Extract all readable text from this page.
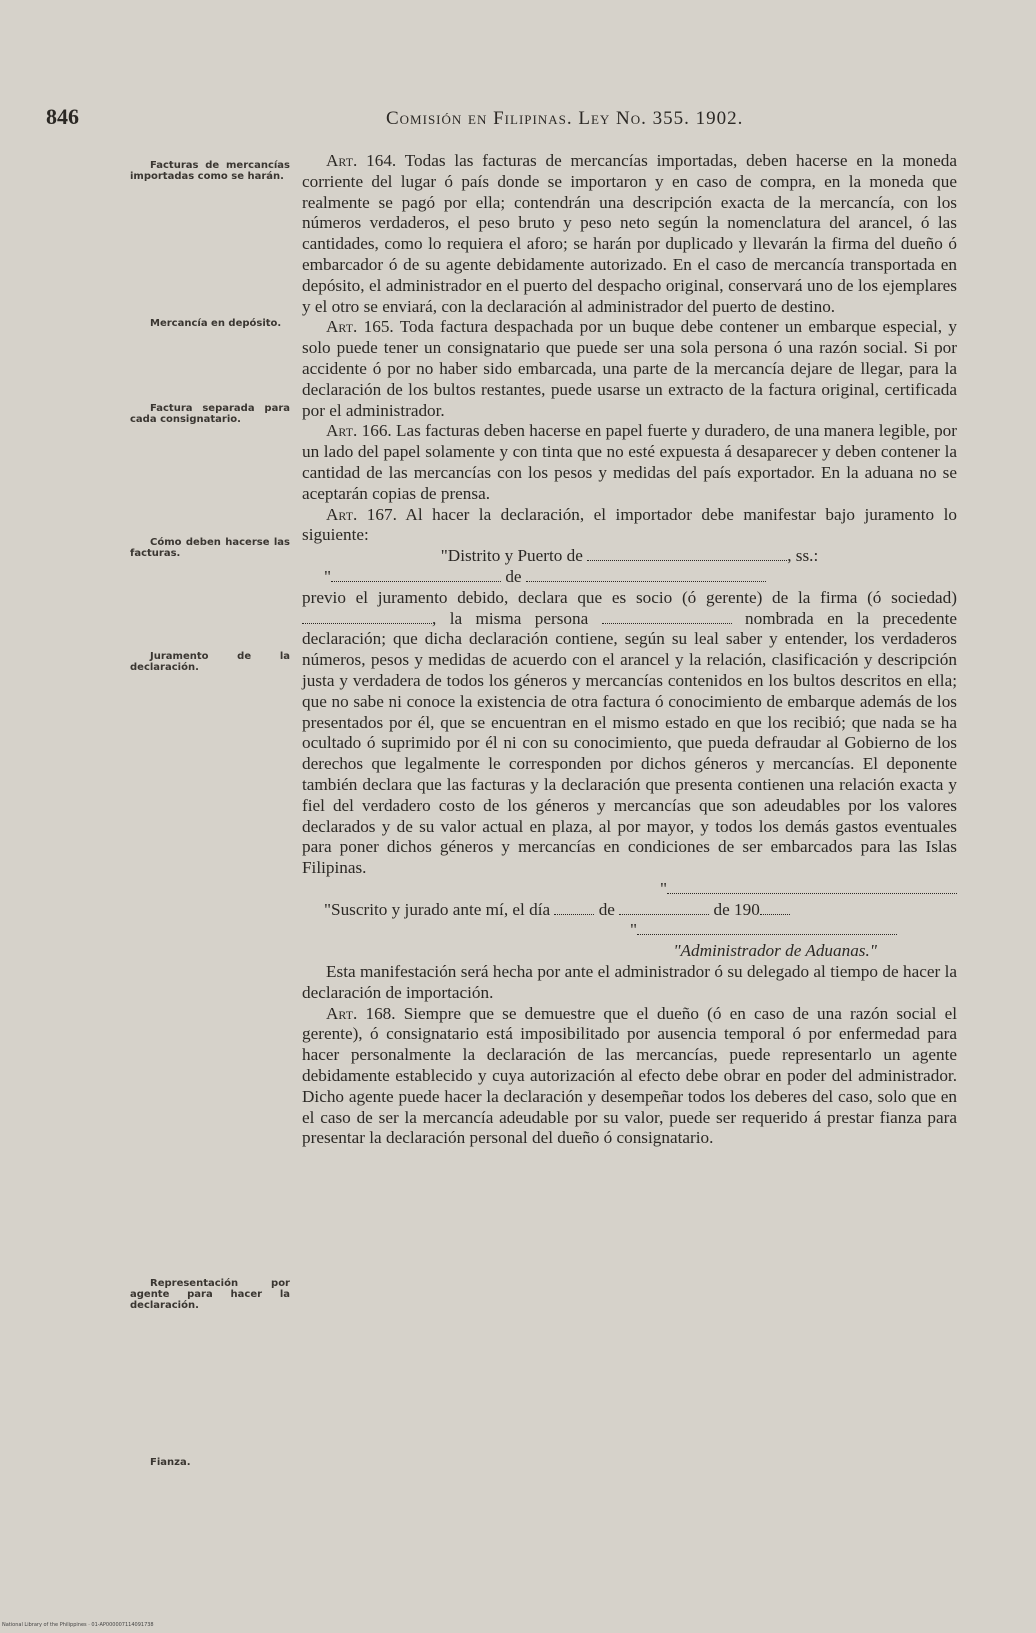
846	Comisión en Filipinas. Ley No. 355. 1902.
Facturas de mercancías importadas como se harán.
Mercancía en depósito.
Factura separada para cada consignatario.
Cómo deben hacerse las facturas.
Juramento de la declaración.
Representación por agente para hacer la declaración.
Fianza.

Art. 164. Todas las facturas de mercancías importadas, deben hacerse en la moneda corriente del lugar ó país donde se importaron y en caso de compra, en la moneda que realmente se pagó por ella; contendrán una descripción exacta de la mercancía, con los números verdaderos, el peso bruto y peso neto según la nomenclatura del arancel, ó las cantidades, como lo requiera el aforo; se harán por duplicado y llevarán la firma del dueño ó embarcador ó de su agente debidamente autorizado. En el caso de mercancía transportada en depósito, el administrador en el puerto del despacho original, conservará uno de los ejemplares y el otro se enviará, con la declaración al administrador del puerto de destino.

Art. 165. Toda factura despachada por un buque debe contener un embarque especial, y solo puede tener un consignatario que puede ser una sola persona ó una razón social. Si por accidente ó por no haber sido embarcada, una parte de la mercancía dejare de llegar, para la declaración de los bultos restantes, puede usarse un extracto de la factura original, certificada por el administrador.

Art. 166. Las facturas deben hacerse en papel fuerte y duradero, de una manera legible, por un lado del papel solamente y con tinta que no esté expuesta á desaparecer y deben contener la cantidad de las mercancías con los pesos y medidas del país exportador. En la aduana no se aceptarán copias de prensa.

Art. 167. Al hacer la declaración, el importador debe manifestar bajo juramento lo siguiente:

"Distrito y Puerto de	, ss.:

"	de

previo el juramento debido, declara que es socio (ó gerente) de la firma (ó sociedad) , la misma persona	nombrada en la precedente declaración; que dicha declaración contiene, según su leal saber y entender, los verdaderos números, pesos y medidas de acuerdo con el arancel y la relación, clasificación y descripción justa y verdadera de todos los géneros y mercancías contenidos en los bultos descritos en ella; que no sabe ni conoce la existencia de otra factura ó conocimiento de embarque además de los presentados por él, que se encuentran en el mismo estado en que los recibió; que nada se ha ocultado ó suprimido por él ni con su conocimiento, que pueda defraudar al Gobierno de los derechos que legalmente le corresponden por dichos géneros y mercancías. El deponente también declara que las facturas y la declaración que presenta contienen una relación exacta y fiel del verdadero costo de los géneros y mercancías que son adeudables por los valores declarados y de su valor actual en plaza, al por mayor, y todos los demás gastos eventuales para poner dichos géneros y mercancías en condiciones de ser embarcados para las Islas Filipinas.

"

"Suscrito y jurado ante mí, el día	de	de 190

"

"Administrador de Aduanas."

Esta manifestación será hecha por ante el administrador ó su delegado al tiempo de hacer la declaración de importación.

Art. 168. Siempre que se demuestre que el dueño (ó en caso de una razón social el gerente), ó consignatario está imposibilitado por ausencia temporal ó por enfermedad para hacer personalmente la declaración de las mercancías, puede representarlo un agente debidamente establecido y cuya autorización al efecto debe obrar en poder del administrador. Dicho agente puede hacer la declaración y desempeñar todos los deberes del caso, solo que en el caso de ser la mercancía adeudable por su valor, puede ser requerido á prestar fianza para presentar la declaración personal del dueño ó consignatario.

National Library of the Philippines · 01-AP000007114091738
